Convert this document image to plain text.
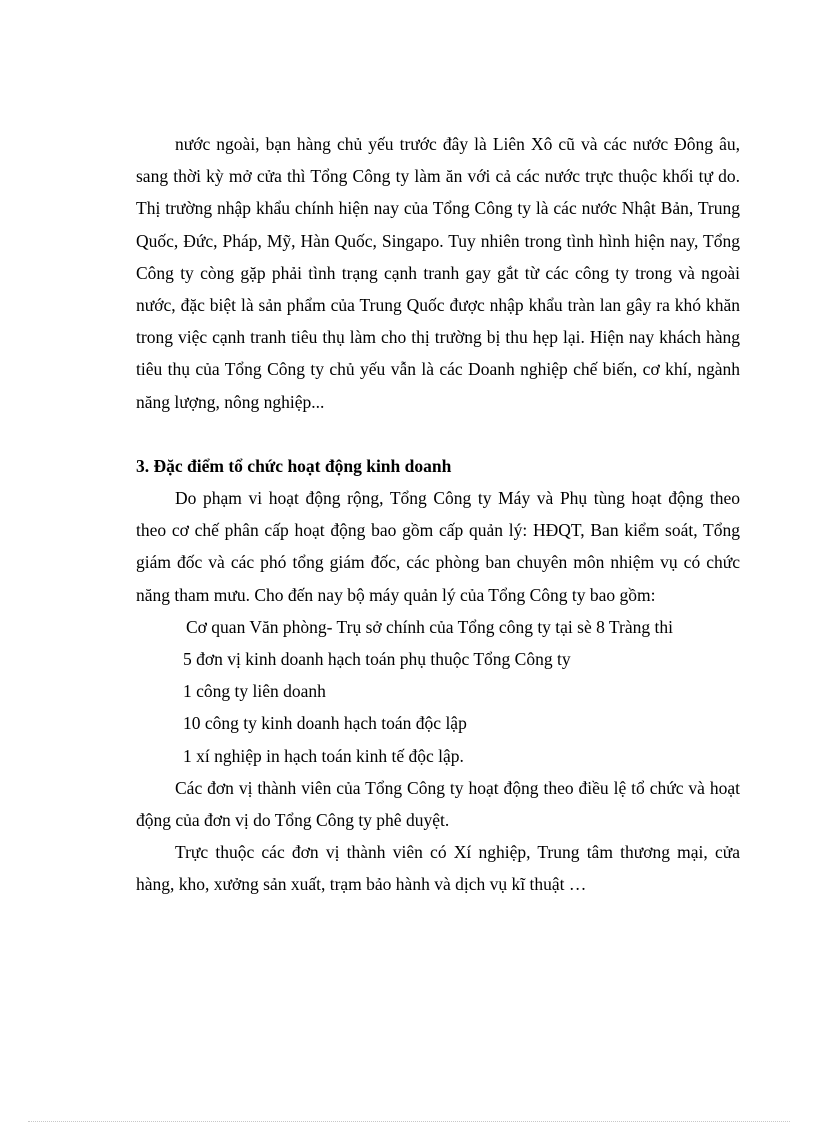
nước ngoài, bạn hàng chủ yếu trước đây là Liên Xô cũ và các nước Đông âu, sang thời kỳ mở cửa thì Tổng Công ty làm ăn với cả các nước trực thuộc khối tự do. Thị trường nhập khẩu chính hiện nay của Tổng Công ty là các nước Nhật Bản, Trung Quốc, Đức, Pháp, Mỹ, Hàn Quốc, Singapo. Tuy nhiên trong tình hình hiện nay, Tổng Công ty còng gặp phải tình trạng cạnh tranh gay gắt từ các công ty trong và ngoài nước, đặc biệt là sản phẩm của Trung Quốc được nhập khẩu tràn lan gây ra khó khăn trong việc cạnh tranh tiêu thụ làm cho thị trường bị thu hẹp lại. Hiện nay khách hàng tiêu thụ của Tổng Công ty chủ yếu vẫn là các Doanh nghiệp chế biến, cơ khí, ngành năng lượng, nông nghiệp...

3. Đặc điểm tổ chức hoạt động kinh doanh

Do phạm vi hoạt động rộng, Tổng Công ty Máy và Phụ tùng hoạt động theo theo cơ chế phân cấp hoạt động bao gồm cấp quản lý: HĐQT, Ban kiểm soát, Tổng giám đốc và các phó tổng giám đốc, các phòng ban chuyên môn nhiệm vụ có chức năng tham mưu. Cho đến nay bộ máy quản lý của Tổng Công ty bao gồm:

Cơ quan Văn phòng- Trụ sở chính của Tổng công ty tại sè 8 Tràng thi
5 đơn vị kinh doanh hạch toán phụ thuộc Tổng Công ty
1 công ty liên doanh
10 công ty kinh doanh hạch toán độc lập
1 xí nghiệp in hạch toán kinh tế độc lập.

Các đơn vị thành viên của Tổng Công ty hoạt động theo điều lệ tổ chức và hoạt động của đơn vị do Tổng Công ty phê duyệt.

Trực thuộc các đơn vị thành viên có Xí nghiệp, Trung tâm thương mại, cửa hàng, kho, xưởng sản xuất, trạm bảo hành và dịch vụ kĩ thuật …
